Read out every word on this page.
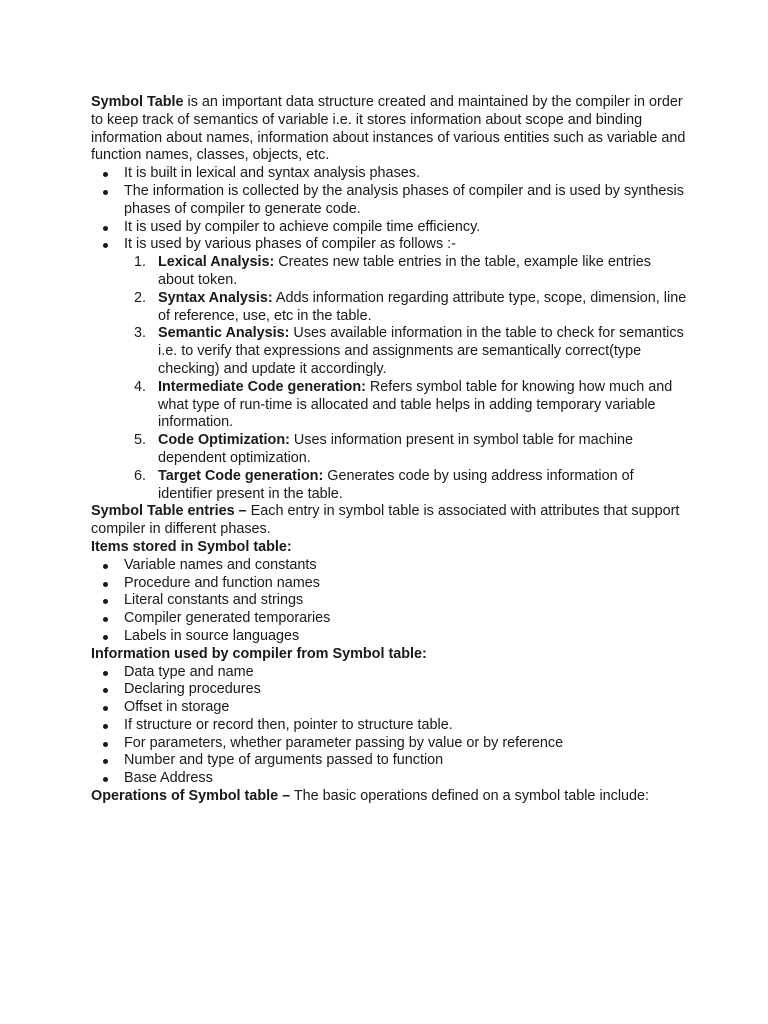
Symbol Table is an important data structure created and maintained by the compiler in order to keep track of semantics of variable i.e. it stores information about scope and binding information about names, information about instances of various entities such as variable and function names, classes, objects, etc.

It is built in lexical and syntax analysis phases.
The information is collected by the analysis phases of compiler and is used by synthesis phases of compiler to generate code.
It is used by compiler to achieve compile time efficiency.
It is used by various phases of compiler as follows :-
1. Lexical Analysis: Creates new table entries in the table, example like entries about token.
2. Syntax Analysis: Adds information regarding attribute type, scope, dimension, line of reference, use, etc in the table.
3. Semantic Analysis: Uses available information in the table to check for semantics i.e. to verify that expressions and assignments are semantically correct(type checking) and update it accordingly.
4. Intermediate Code generation: Refers symbol table for knowing how much and what type of run-time is allocated and table helps in adding temporary variable information.
5. Code Optimization: Uses information present in symbol table for machine dependent optimization.
6. Target Code generation: Generates code by using address information of identifier present in the table.

Symbol Table entries – Each entry in symbol table is associated with attributes that support compiler in different phases.

Items stored in Symbol table:

Variable names and constants
Procedure and function names
Literal constants and strings
Compiler generated temporaries
Labels in source languages

Information used by compiler from Symbol table:

Data type and name
Declaring procedures
Offset in storage
If structure or record then, pointer to structure table.
For parameters, whether parameter passing by value or by reference
Number and type of arguments passed to function
Base Address

Operations of Symbol table – The basic operations defined on a symbol table include:
